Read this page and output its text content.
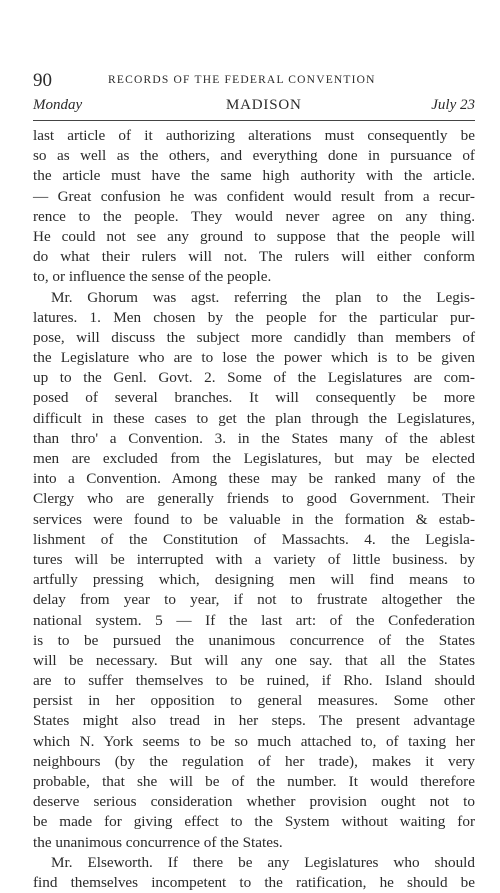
90	RECORDS OF THE FEDERAL CONVENTION
Monday	MADISON	July 23
last article of it authorizing alterations must consequently be
so as well as the others, and everything done in pursuance of
the article must have the same high authority with the article.
— Great confusion he was confident would result from a recur-
rence to the people. They would never agree on any thing.
He could not see any ground to suppose that the people will
do what their rulers will not. The rulers will either conform
to, or influence the sense of the people.
Mr. Ghorum was agst. referring the plan to the Legis-
latures. 1. Men chosen by the people for the particular pur-
pose, will discuss the subject more candidly than members of
the Legislature who are to lose the power which is to be given
up to the Genl. Govt. 2. Some of the Legislatures are com-
posed of several branches. It will consequently be more
difficult in these cases to get the plan through the Legislatures,
than thro' a Convention. 3. in the States many of the ablest
men are excluded from the Legislatures, but may be elected
into a Convention. Among these may be ranked many of the
Clergy who are generally friends to good Government. Their
services were found to be valuable in the formation & estab-
lishment of the Constitution of Massachts. 4. the Legisla-
tures will be interrupted with a variety of little business. by
artfully pressing which, designing men will find means to
delay from year to year, if not to frustrate altogether the
national system. 5 — If the last art: of the Confederation
is to be pursued the unanimous concurrence of the States
will be necessary. But will any one say. that all the States
are to suffer themselves to be ruined, if Rho. Island should
persist in her opposition to general measures. Some other
States might also tread in her steps. The present advantage
which N. York seems to be so much attached to, of taxing her
neighbours (by the regulation of her trade), makes it very
probable, that she will be of the number. It would therefore
deserve serious consideration whether provision ought not to
be made for giving effect to the System without waiting for
the unanimous concurrence of the States.
Mr. Elseworth. If there be any Legislatures who should
find themselves incompetent to the ratification, he should be
